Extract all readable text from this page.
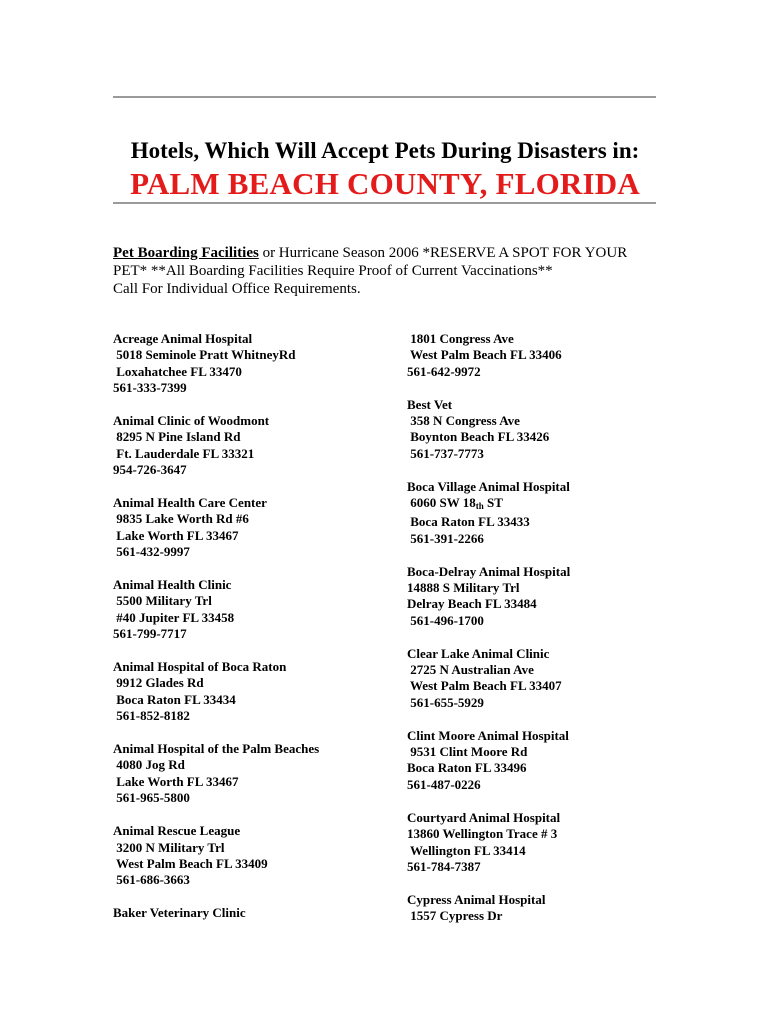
Hotels, Which Will Accept Pets During Disasters in:
PALM BEACH COUNTY, FLORIDA
Pet Boarding Facilities or Hurricane Season 2006 *RESERVE A SPOT FOR YOUR
PET* **All Boarding Facilities Require Proof of Current Vaccinations**
Call For Individual Office Requirements.
Acreage Animal Hospital
5018 Seminole Pratt WhitneyRd
Loxahatchee FL 33470
561-333-7399
Animal Clinic of Woodmont
8295 N Pine Island Rd
Ft. Lauderdale FL 33321
954-726-3647
Animal Health Care Center
9835 Lake Worth Rd #6
Lake Worth FL 33467
561-432-9997
Animal Health Clinic
5500 Military Trl
#40 Jupiter FL 33458
561-799-7717
Animal Hospital of Boca Raton
9912 Glades Rd
Boca Raton FL 33434
561-852-8182
Animal Hospital of the Palm Beaches
4080 Jog Rd
Lake Worth FL 33467
561-965-5800
Animal Rescue League
3200 N Military Trl
West Palm Beach FL 33409
561-686-3663
Baker Veterinary Clinic
1801 Congress Ave
West Palm Beach FL 33406
561-642-9972
Best Vet
358 N Congress Ave
Boynton Beach FL 33426
561-737-7773
Boca Village Animal Hospital
6060 SW $18_{th}$ ST
Boca Raton FL 33433
561-391-2266
Boca-Delray Animal Hospital
14888 S Military Trl
Delray Beach FL 33484
561-496-1700
Clear Lake Animal Clinic
2725 N Australian Ave
West Palm Beach FL 33407
561-655-5929
Clint Moore Animal Hospital
9531 Clint Moore Rd
Boca Raton FL 33496
561-487-0226
Courtyard Animal Hospital
13860 Wellington Trace # 3
Wellington FL 33414
561-784-7387
Cypress Animal Hospital
1557 Cypress Dr
